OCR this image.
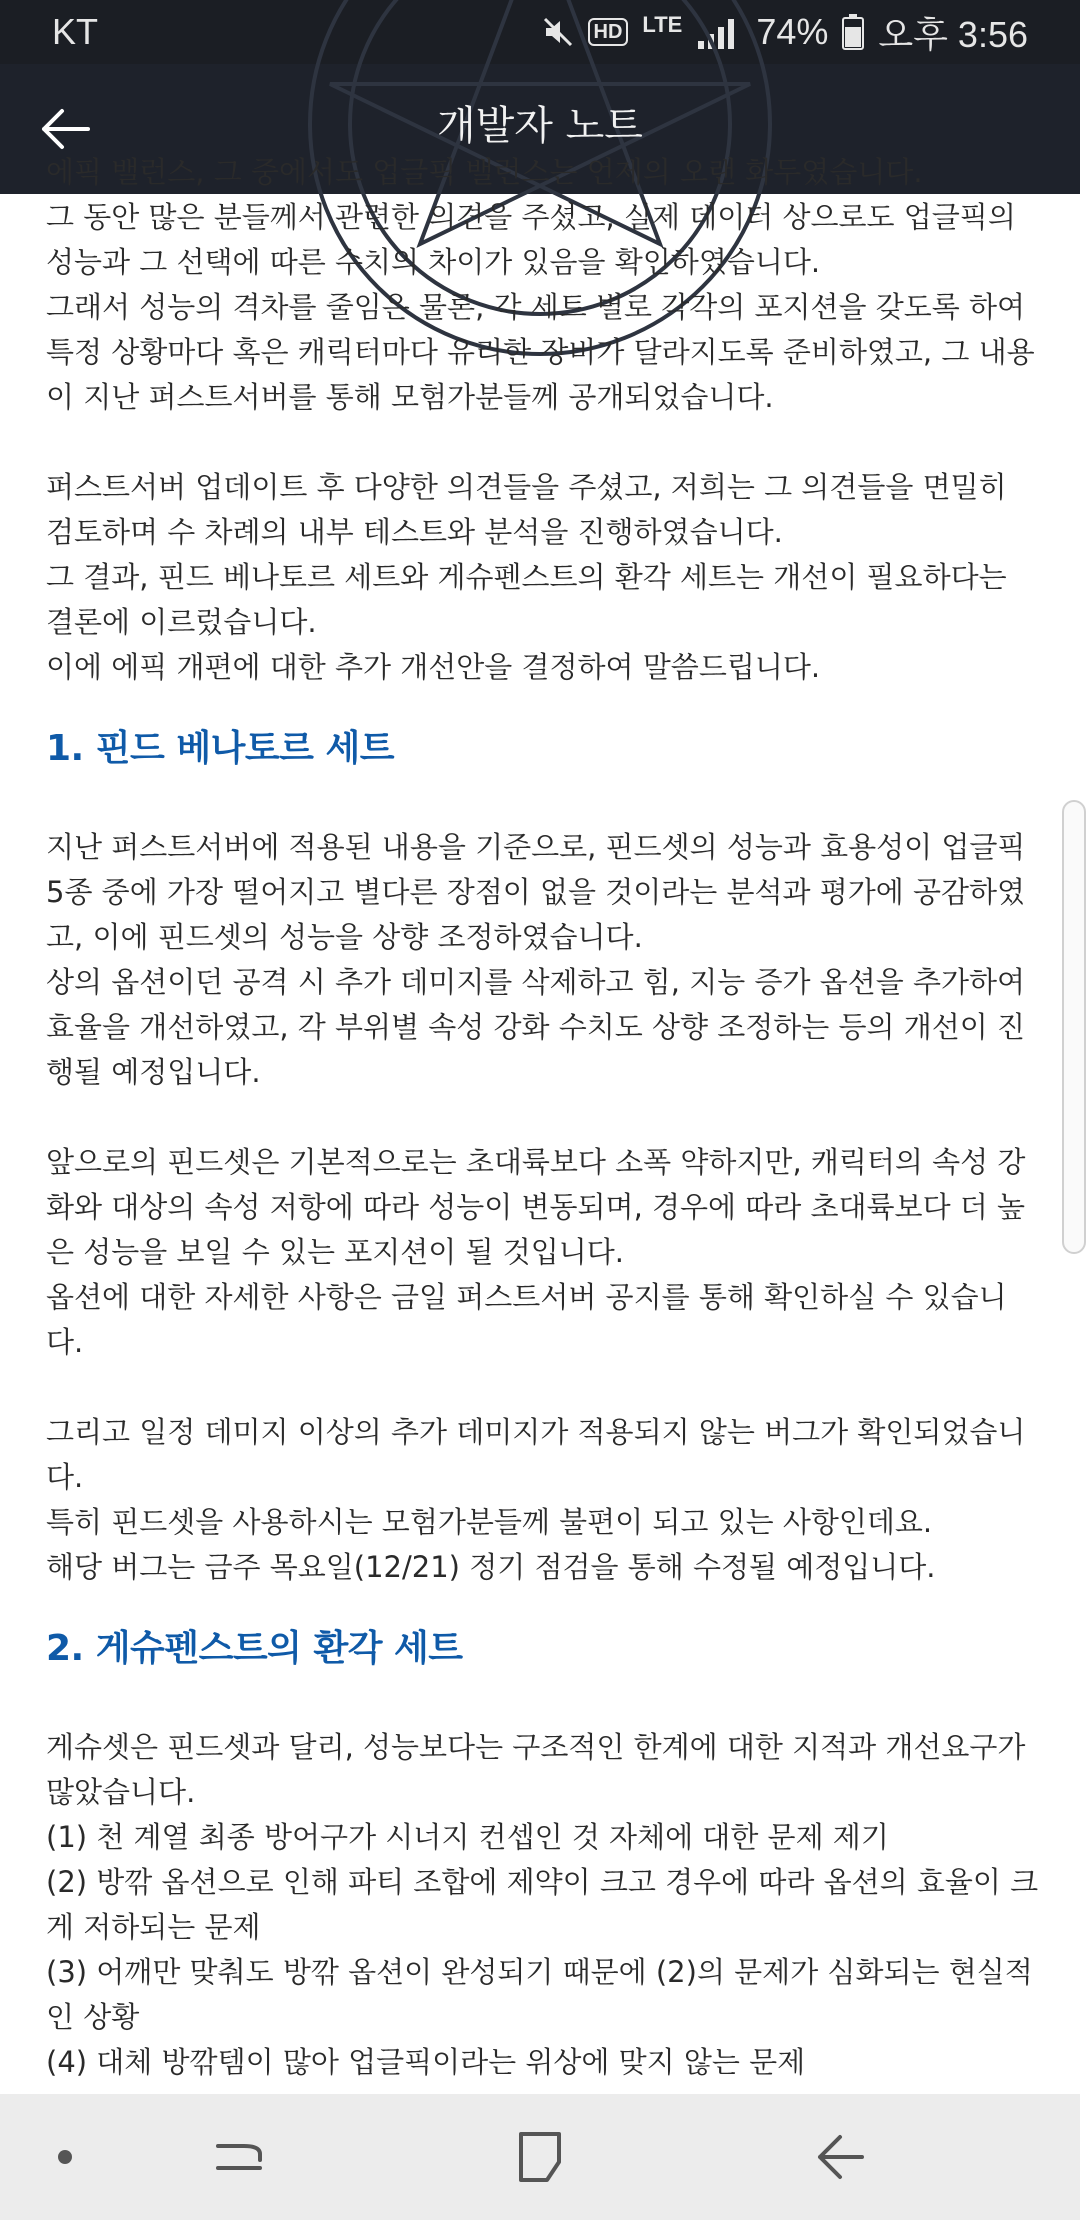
KT	HD LTE 74% 오후 3:56
개발자 노트

에픽 밸런스, 그 중에서도 업글픽 밸런스는 언제의 오랜 화두였습니다.

그 동안 많은 분들께서 관련한 의견을 주셨고, 실제 데이터 상으로도 업글픽의 성능과 그 선택에 따른 수치의 차이가 있음을 확인하였습니다.

그래서 성능의 격차를 줄임은 물론, 각 세트 별로 각각의 포지션을 갖도록 하여 특정 상황마다 혹은 캐릭터마다 유리한 장비가 달라지도록 준비하였고, 그 내용이 지난 퍼스트서버를 통해 모험가분들께 공개되었습니다.

퍼스트서버 업데이트 후 다양한 의견들을 주셨고, 저희는 그 의견들을 면밀히 검토하며 수 차례의 내부 테스트와 분석을 진행하였습니다.

그 결과, 핀드 베나토르 세트와 게슈펜스트의 환각 세트는 개선이 필요하다는 결론에 이르렀습니다.

이에 에픽 개편에 대한 추가 개선안을 결정하여 말씀드립니다.

1. 핀드 베나토르 세트

지난 퍼스트서버에 적용된 내용을 기준으로, 핀드셋의 성능과 효용성이 업글픽 5종 중에 가장 떨어지고 별다른 장점이 없을 것이라는 분석과 평가에 공감하였고, 이에 핀드셋의 성능을 상향 조정하였습니다.

상의 옵션이던 공격 시 추가 데미지를 삭제하고 힘, 지능 증가 옵션을 추가하여 효율을 개선하였고, 각 부위별 속성 강화 수치도 상향 조정하는 등의 개선이 진행될 예정입니다.

앞으로의 핀드셋은 기본적으로는 초대륙보다 소폭 약하지만, 캐릭터의 속성 강화와 대상의 속성 저항에 따라 성능이 변동되며, 경우에 따라 초대륙보다 더 높은 성능을 보일 수 있는 포지션이 될 것입니다.

옵션에 대한 자세한 사항은 금일 퍼스트서버 공지를 통해 확인하실 수 있습니다.

그리고 일정 데미지 이상의 추가 데미지가 적용되지 않는 버그가 확인되었습니다.

특히 핀드셋을 사용하시는 모험가분들께 불편이 되고 있는 사항인데요.

해당 버그는 금주 목요일(12/21) 정기 점검을 통해 수정될 예정입니다.

2. 게슈펜스트의 환각 세트

게슈셋은 핀드셋과 달리, 성능보다는 구조적인 한계에 대한 지적과 개선요구가 많았습니다.

(1) 천 계열 최종 방어구가 시너지 컨셉인 것 자체에 대한 문제 제기

(2) 방깎 옵션으로 인해 파티 조합에 제약이 크고 경우에 따라 옵션의 효율이 크게 저하되는 문제

(3) 어깨만 맞춰도 방깎 옵션이 완성되기 때문에 (2)의 문제가 심화되는 현실적인 상황

(4) 대체 방깎템이 많아 업글픽이라는 위상에 맞지 않는 문제
